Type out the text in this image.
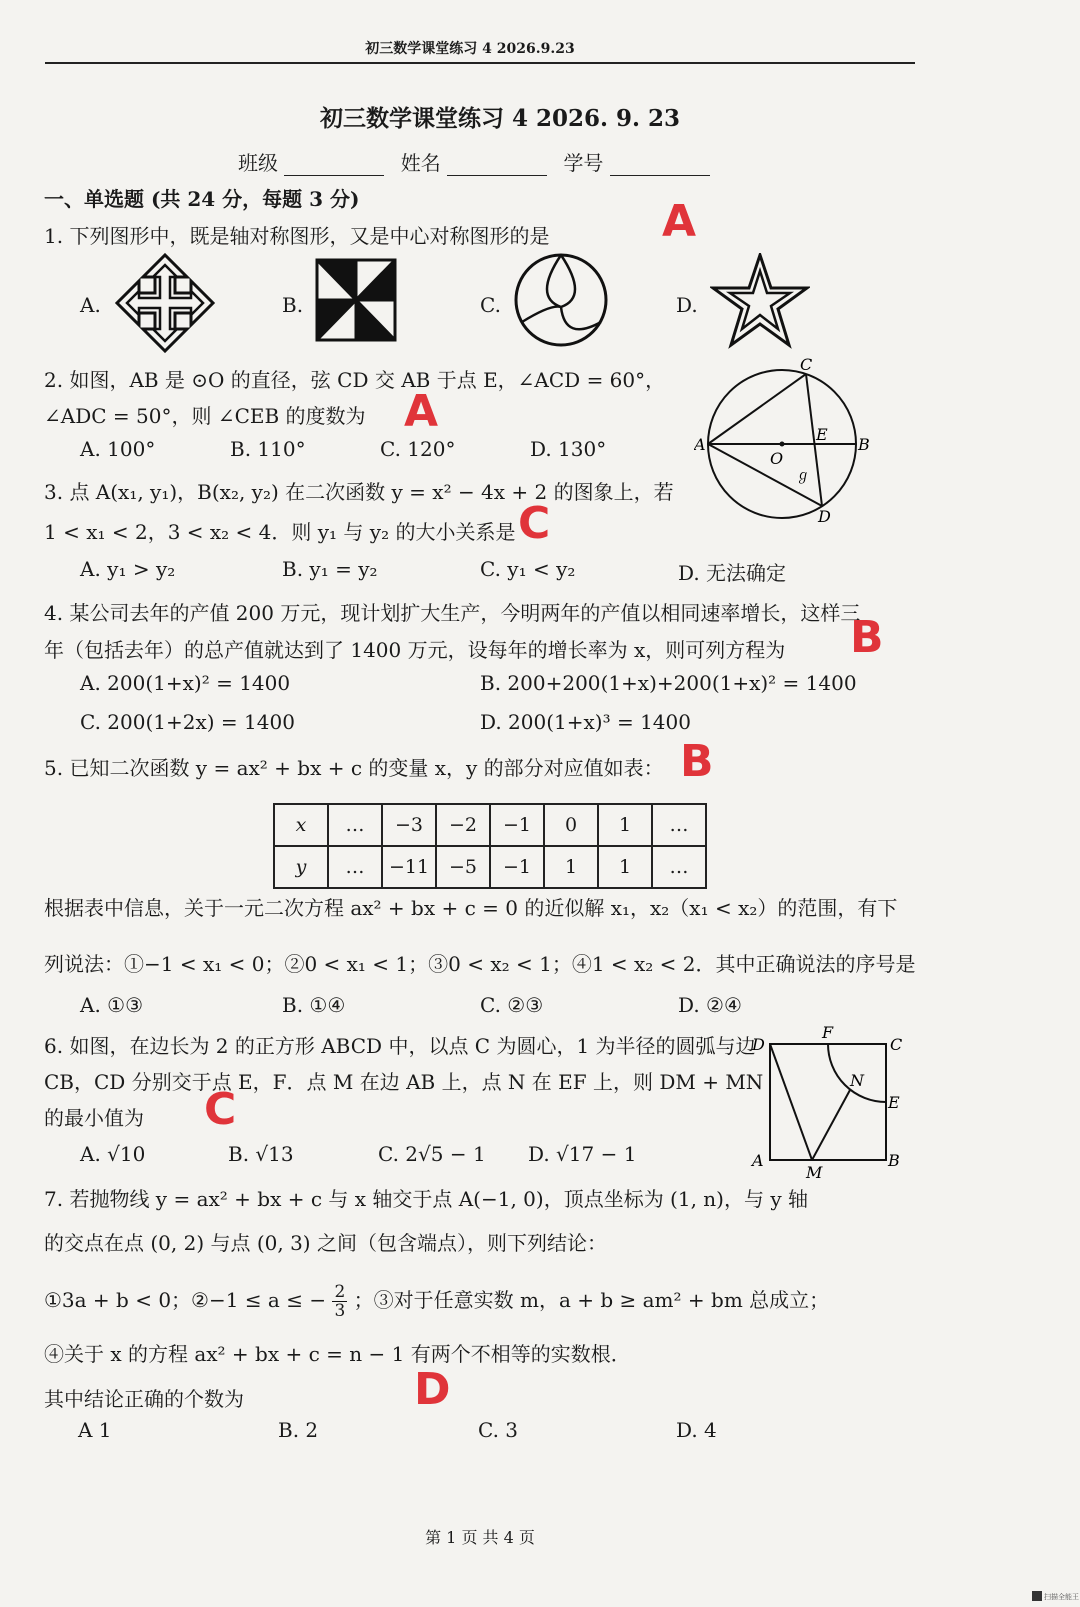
初三数学课堂练习 4 2026.9.23
初三数学课堂练习 4 2026. 9. 23
班级	姓名	学号
一、单选题 (共 24 分，每题 3 分)
1. 下列图形中，既是轴对称图形，又是中心对称图形的是	A
A.	B.	C.	D.
2. 如图，AB 是 ⊙O 的直径，弦 CD 交 AB 于点 E，∠ACD = 60°，
∠ADC = 50°，则 ∠CEB 的度数为 A
A. 100°	B. 110°	C. 120°	D. 130°	A	B
C
D
E
O
ℊ
3. 点 A(x₁, y₁)，B(x₂, y₂) 在二次函数 y = x² − 4x + 2 的图象上，若
1 < x₁ < 2，3 < x₂ < 4．则 y₁ 与 y₂ 的大小关系是 C
A. y₁ > y₂	B. y₁ = y₂	C. y₁ < y₂	D. 无法确定
4. 某公司去年的产值 200 万元，现计划扩大生产，今明两年的产值以相同速率增长，这样三
年（包括去年）的总产值就达到了 1400 万元，设每年的增长率为 x，则可列方程为 B
A. 200(1+x)² = 1400	B. 200+200(1+x)+200(1+x)² = 1400
C. 200(1+2x) = 1400	D. 200(1+x)³ = 1400
5. 已知二次函数 y = ax² + bx + c 的变量 x，y 的部分对应值如表： B
x	…	−3	−2	−1	0	1	…
y	…	−11	−5	−1	1	1	…
根据表中信息，关于一元二次方程 ax² + bx + c = 0 的近似解 x₁，x₂（x₁ < x₂）的范围，有下
列说法：①−1 < x₁ < 0；②0 < x₁ < 1；③0 < x₂ < 1；④1 < x₂ < 2．其中正确说法的序号是
A. ①③	B. ①④	C. ②③	D. ②④
6. 如图，在边长为 2 的正方形 ABCD 中，以点 C 为圆心，1 为半径的圆弧与边
CB，CD 分别交于点 E，F．点 M 在边 AB 上，点 N 在 EF 上，则 DM + MN
的最小值为 C
A. √10	B. √13	C. 2√5 − 1 D. √17 − 1
D
F
C
N
E
A
M
B
7. 若抛物线 y = ax² + bx + c 与 x 轴交于点 A(−1, 0)，顶点坐标为 (1, n)，与 y 轴
的交点在点 (0, 2) 与点 (0, 3) 之间（包含端点），则下列结论：
①3a + b < 0；②−1 ≤ a ≤ − $\frac{2}{3}$ ；③对于任意实数 m，a + b ≥ am² + bm 总成立；
④关于 x 的方程 ax² + bx + c = n − 1 有两个不相等的实数根．
其中结论正确的个数为	D
A 1	B. 2	C. 3	D. 4
第 1 页 共 4 页
扫描全能王
